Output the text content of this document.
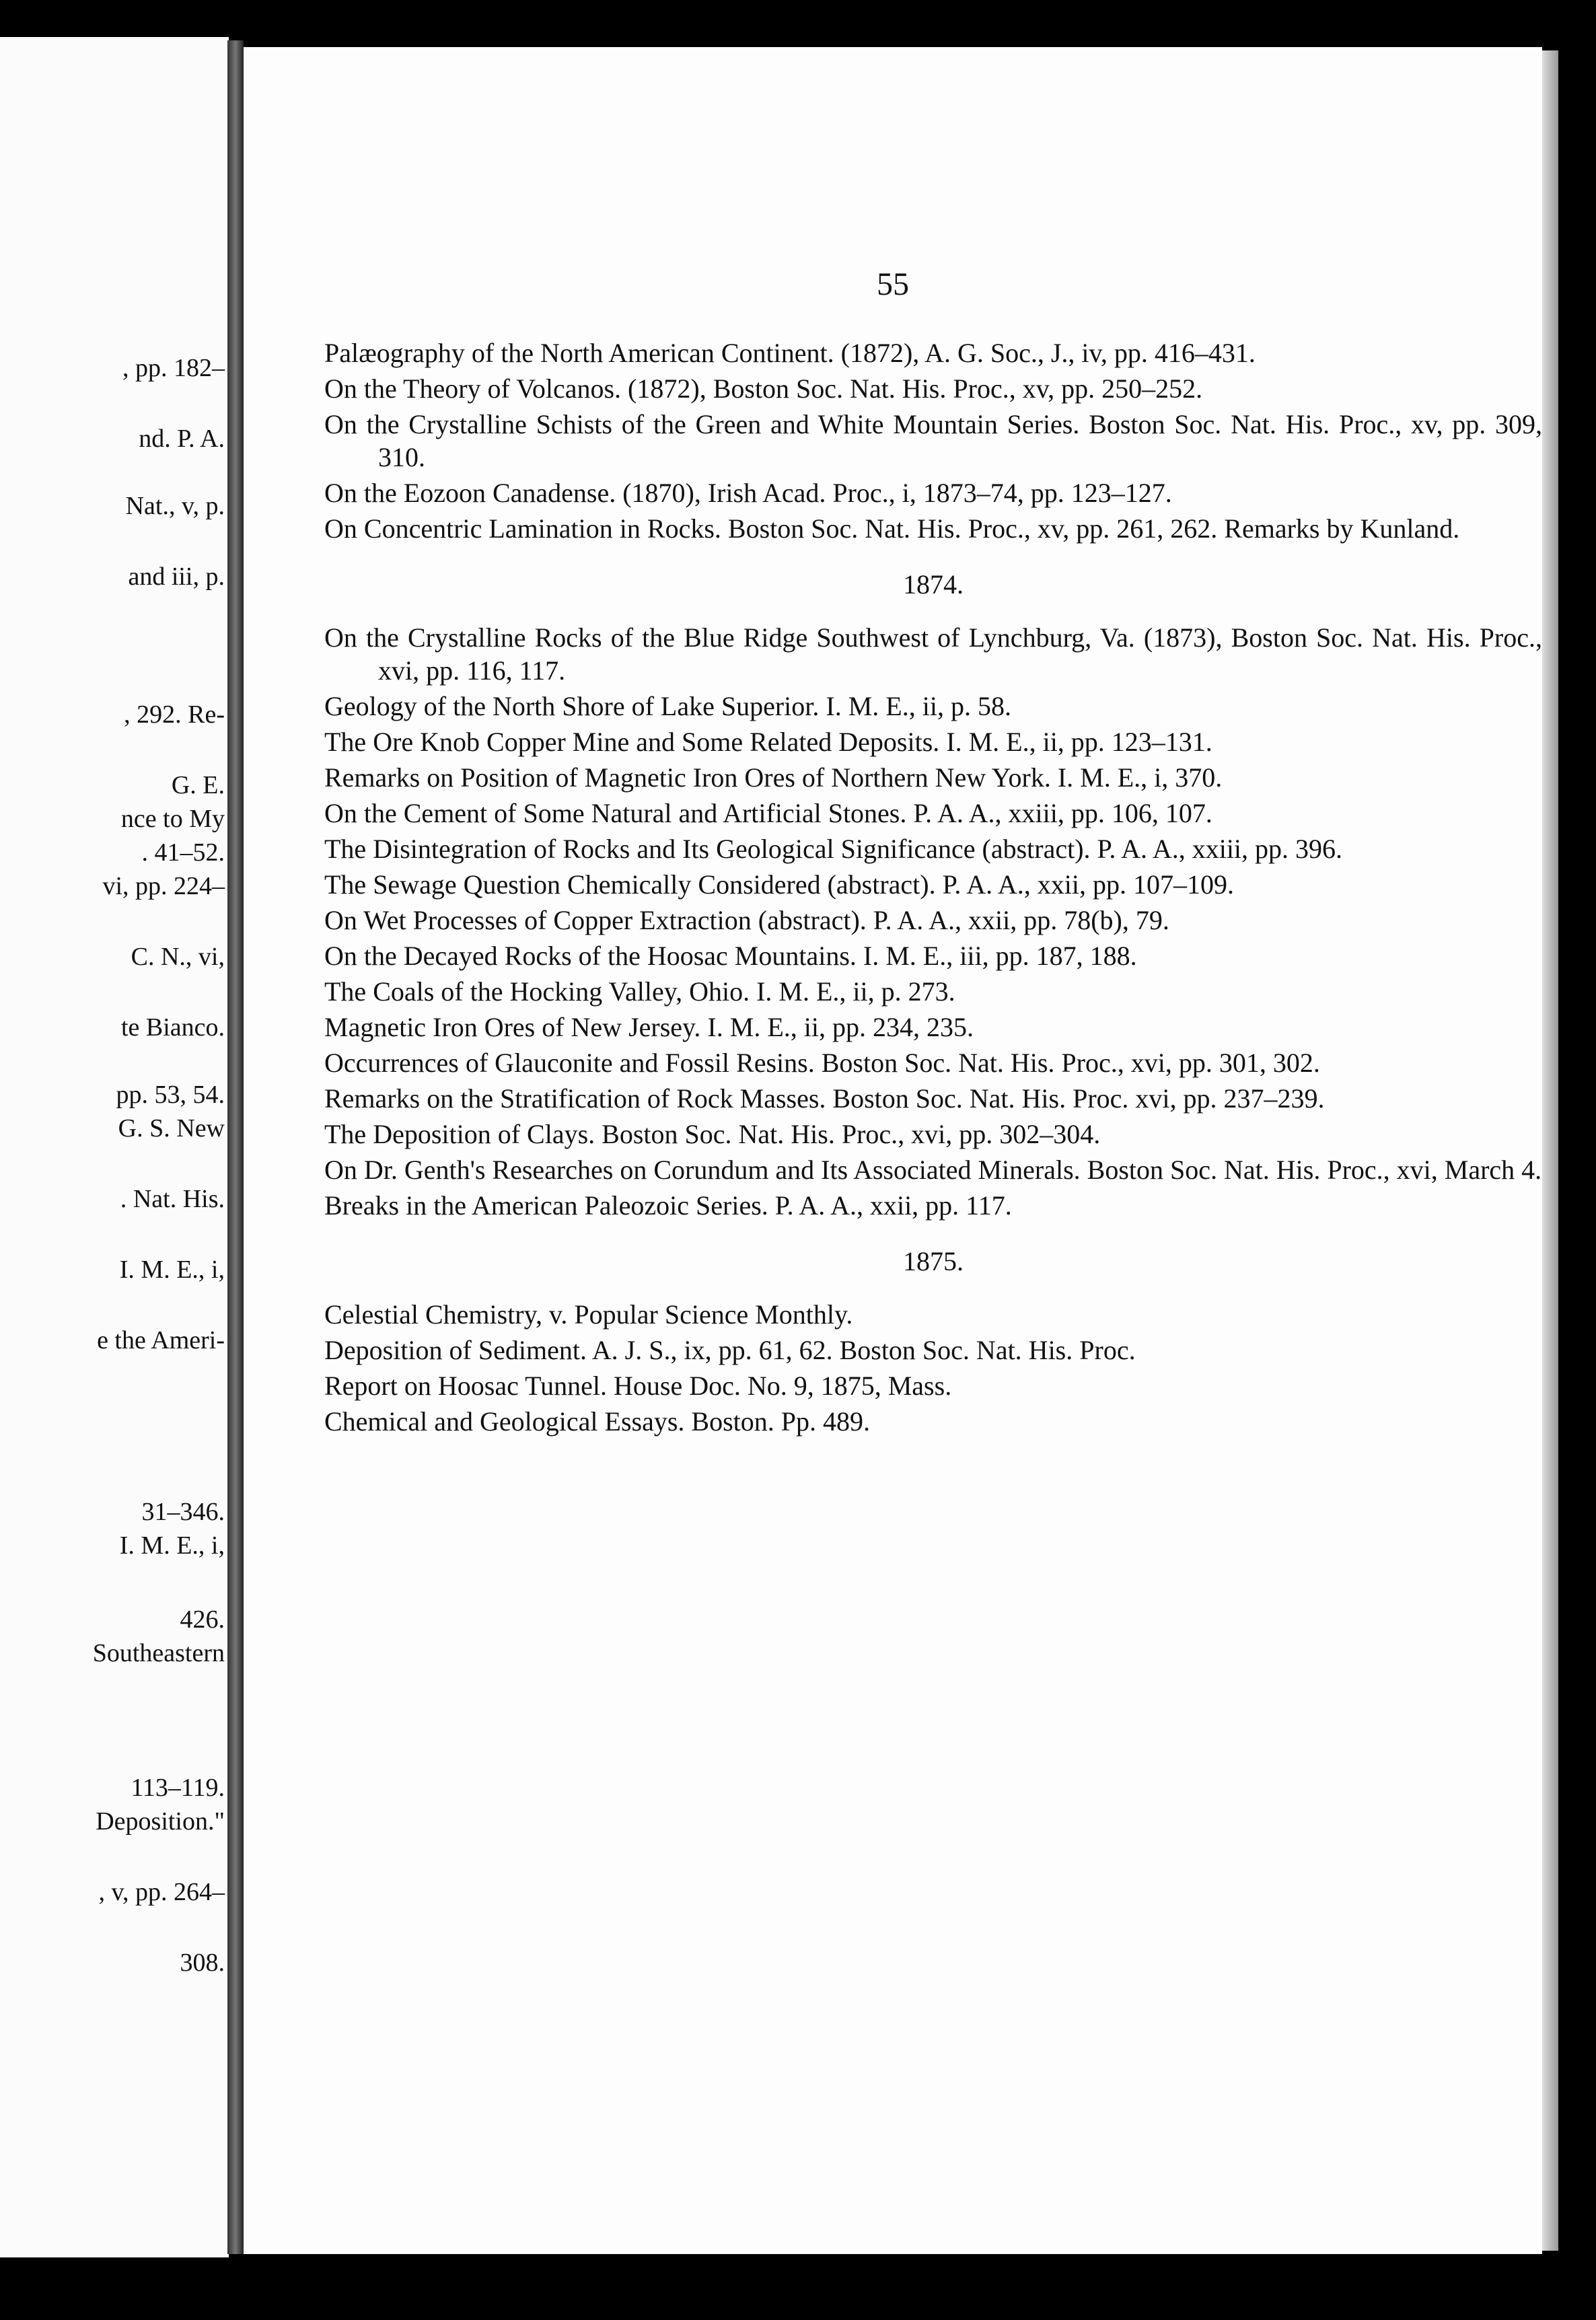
, pp. 182–
nd. P. A.
Nat., v, p.
and iii, p.
, 292. Re-
G. E.
nce to My
. 41–52.
vi, pp. 224–
C. N., vi,
te Bianco.
pp. 53, 54.
G. S. New
. Nat. His.
I. M. E., i,
e the Ameri-
31–346.
I. M. E., i,
426.
Southeastern
113–119.
Deposition."
, v, pp. 264–
308.
55
Palæography of the North American Continent. (1872), A. G. Soc., J., iv, pp. 416–431.
On the Theory of Volcanos. (1872), Boston Soc. Nat. His. Proc., xv, pp. 250–252.
On the Crystalline Schists of the Green and White Mountain Series. Boston Soc. Nat. His. Proc., xv, pp. 309, 310.
On the Eozoon Canadense. (1870), Irish Acad. Proc., i, 1873–74, pp. 123–127.
On Concentric Lamination in Rocks. Boston Soc. Nat. His. Proc., xv, pp. 261, 262. Remarks by Kunland.
1874.
On the Crystalline Rocks of the Blue Ridge Southwest of Lynchburg, Va. (1873), Boston Soc. Nat. His. Proc., xvi, pp. 116, 117.
Geology of the North Shore of Lake Superior. I. M. E., ii, p. 58.
The Ore Knob Copper Mine and Some Related Deposits. I. M. E., ii, pp. 123–131.
Remarks on Position of Magnetic Iron Ores of Northern New York. I. M. E., i, 370.
On the Cement of Some Natural and Artificial Stones. P. A. A., xxiii, pp. 106, 107.
The Disintegration of Rocks and Its Geological Significance (abstract). P. A. A., xxiii, pp. 396.
The Sewage Question Chemically Considered (abstract). P. A. A., xxii, pp. 107–109.
On Wet Processes of Copper Extraction (abstract). P. A. A., xxii, pp. 78(b), 79.
On the Decayed Rocks of the Hoosac Mountains. I. M. E., iii, pp. 187, 188.
The Coals of the Hocking Valley, Ohio. I. M. E., ii, p. 273.
Magnetic Iron Ores of New Jersey. I. M. E., ii, pp. 234, 235.
Occurrences of Glauconite and Fossil Resins. Boston Soc. Nat. His. Proc., xvi, pp. 301, 302.
Remarks on the Stratification of Rock Masses. Boston Soc. Nat. His. Proc. xvi, pp. 237–239.
The Deposition of Clays. Boston Soc. Nat. His. Proc., xvi, pp. 302–304.
On Dr. Genth's Researches on Corundum and Its Associated Minerals. Boston Soc. Nat. His. Proc., xvi, March 4.
Breaks in the American Paleozoic Series. P. A. A., xxii, pp. 117.
1875.
Celestial Chemistry, v. Popular Science Monthly.
Deposition of Sediment. A. J. S., ix, pp. 61, 62. Boston Soc. Nat. His. Proc.
Report on Hoosac Tunnel. House Doc. No. 9, 1875, Mass.
Chemical and Geological Essays. Boston. Pp. 489.
